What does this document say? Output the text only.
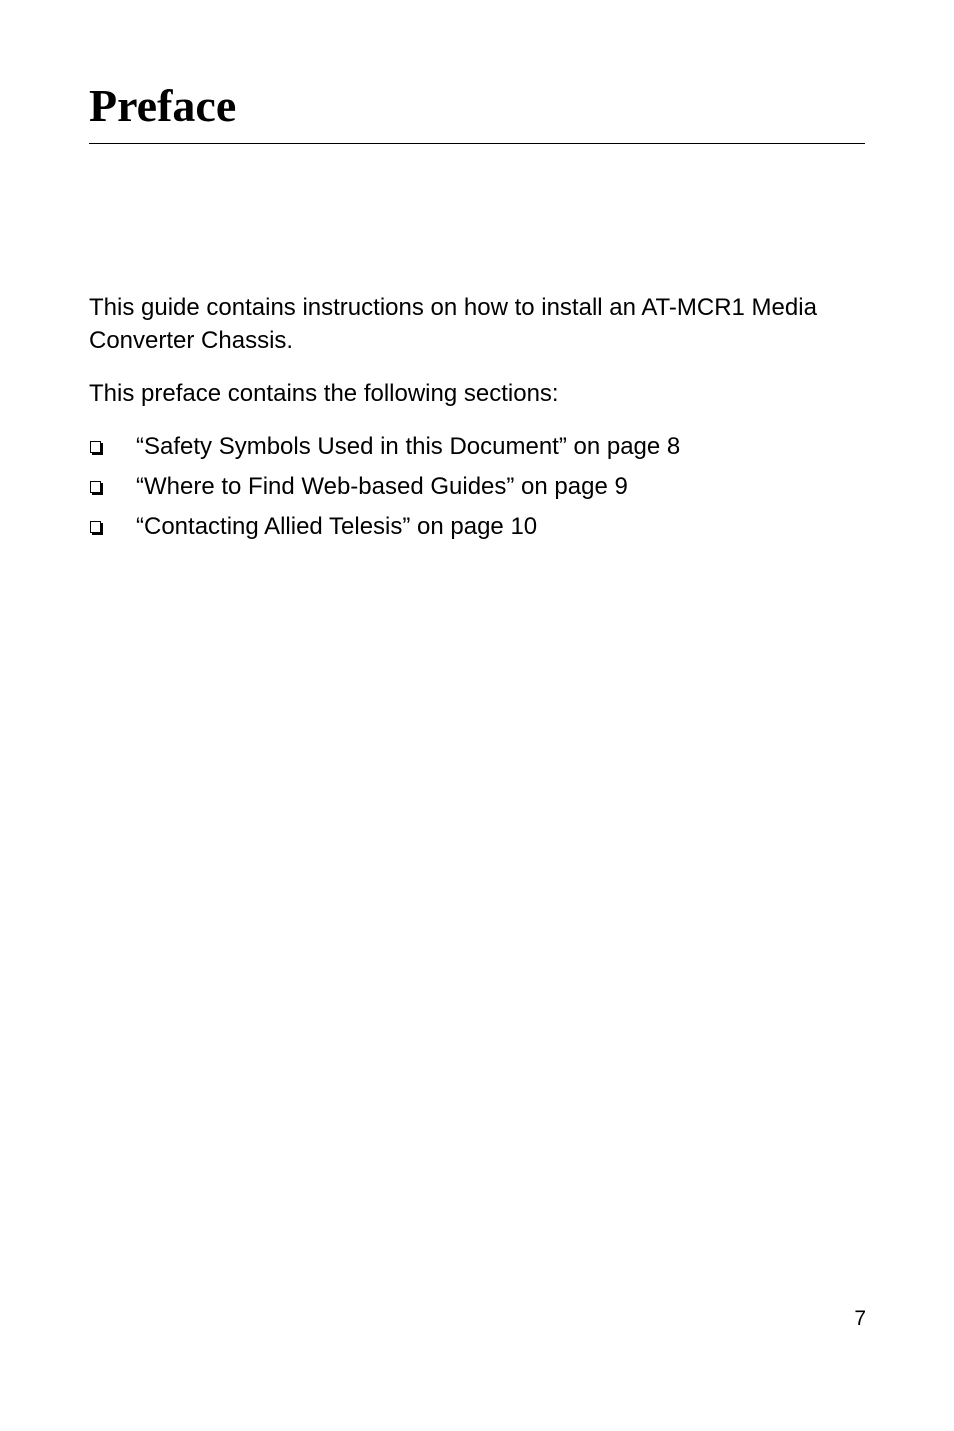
Preface

This guide contains instructions on how to install an AT-MCR1 Media Converter Chassis.

This preface contains the following sections:

“Safety Symbols Used in this Document” on page 8
“Where to Find Web-based Guides” on page 9
“Contacting Allied Telesis” on page 10
7
